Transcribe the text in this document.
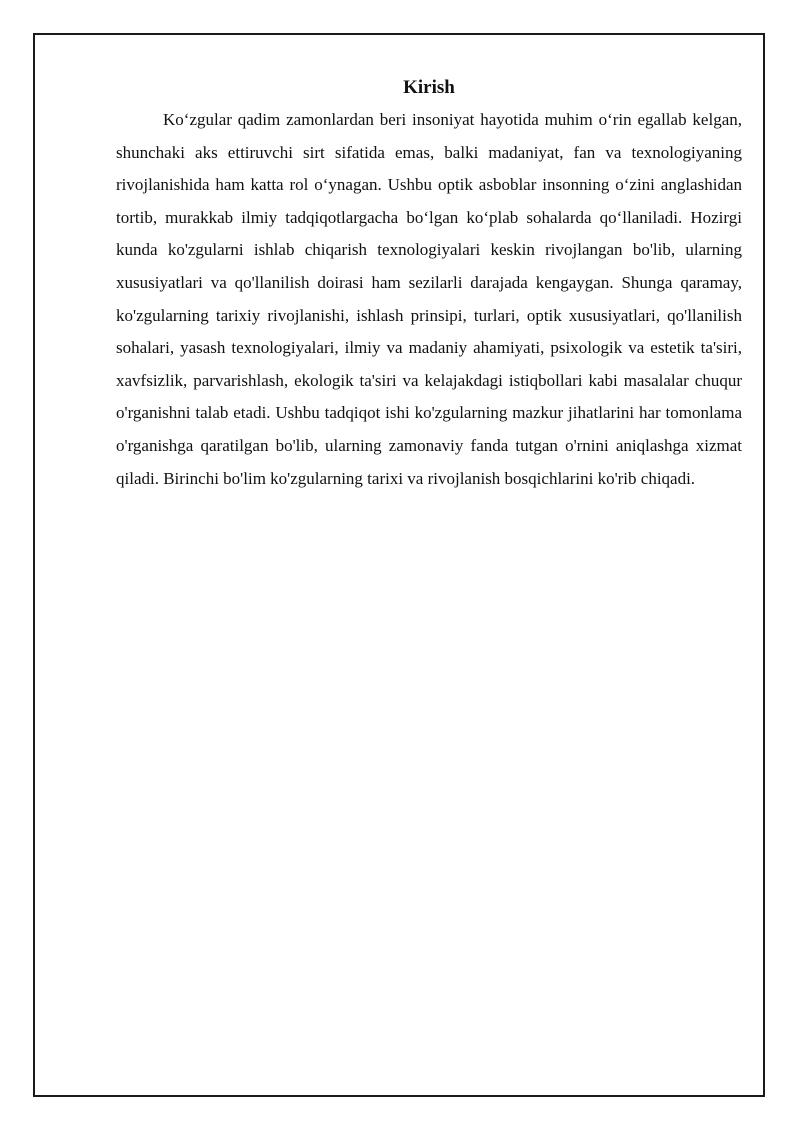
Kirish

Ko‘zgular qadim zamonlardan beri insoniyat hayotida muhim o‘rin egallab kelgan, shunchaki aks ettiruvchi sirt sifatida emas, balki madaniyat, fan va texnologiyaning rivojlanishida ham katta rol o‘ynagan. Ushbu optik asboblar insonning o‘zini anglashidan tortib, murakkab ilmiy tadqiqotlargacha bo‘lgan ko‘plab sohalarda qo‘llaniladi. Hozirgi kunda ko'zgularni ishlab chiqarish texnologiyalari keskin rivojlangan bo'lib, ularning xususiyatlari va qo'llanilish doirasi ham sezilarli darajada kengaygan. Shunga qaramay, ko'zgularning tarixiy rivojlanishi, ishlash prinsipi, turlari, optik xususiyatlari, qo'llanilish sohalari, yasash texnologiyalari, ilmiy va madaniy ahamiyati, psixologik va estetik ta'siri, xavfsizlik, parvarishlash, ekologik ta'siri va kelajakdagi istiqbollari kabi masalalar chuqur o'rganishni talab etadi. Ushbu tadqiqot ishi ko'zgularning mazkur jihatlarini har tomonlama o'rganishga qaratilgan bo'lib, ularning zamonaviy fanda tutgan o'rnini aniqlashga xizmat qiladi. Birinchi bo'lim ko'zgularning tarixi va rivojlanish bosqichlarini ko'rib chiqadi.
